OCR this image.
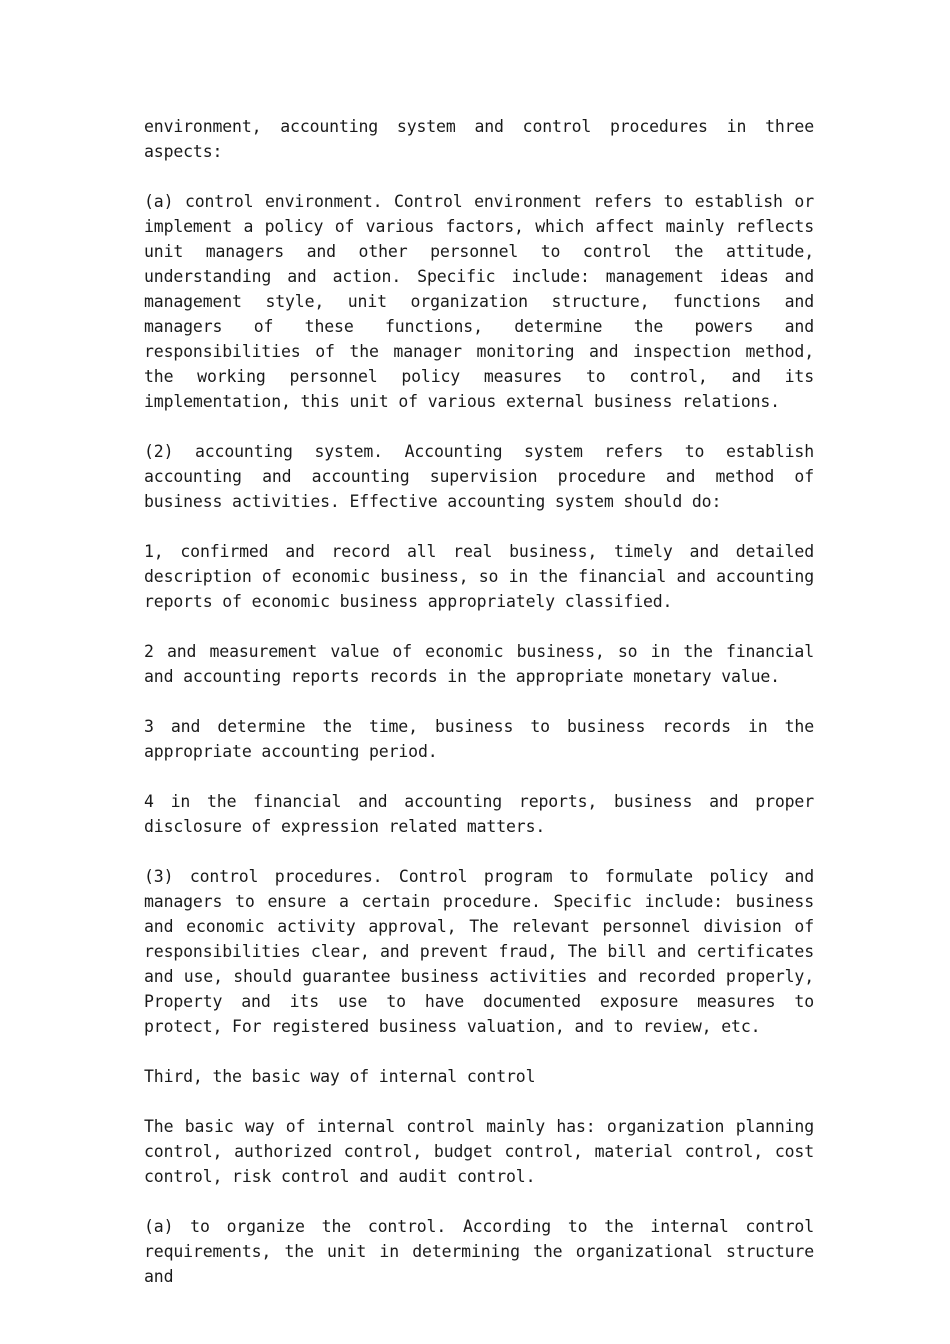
environment, accounting system and control procedures in three aspects:

(a) control environment. Control environment refers to establish or implement a policy of various factors, which affect mainly reflects unit managers and other personnel to control the attitude, understanding and action. Specific include: management ideas and management style, unit organization structure, functions and managers of these functions, determine the powers and responsibilities of the manager monitoring and inspection method, the working personnel policy measures to control, and its implementation, this unit of various external business relations.

(2) accounting system. Accounting system refers to establish accounting and accounting supervision procedure and method of business activities. Effective accounting system should do:

1, confirmed and record all real business, timely and detailed description of economic business, so in the financial and accounting reports of economic business appropriately classified.

2 and measurement value of economic business, so in the financial and accounting reports records in the appropriate monetary value.

3 and determine the time, business to business records in the appropriate accounting period.

4 in the financial and accounting reports, business and proper disclosure of expression related matters.

(3) control procedures. Control program to formulate policy and managers to ensure a certain procedure. Specific include: business and economic activity approval, The relevant personnel division of responsibilities clear, and prevent fraud, The bill and certificates and use, should guarantee business activities and recorded properly, Property and its use to have documented exposure measures to protect, For registered business valuation, and to review, etc.

Third, the basic way of internal control

The basic way of internal control mainly has: organization planning control, authorized control, budget control, material control, cost control, risk control and audit control.

(a) to organize the control. According to the internal control requirements, the unit in determining the organizational structure and
